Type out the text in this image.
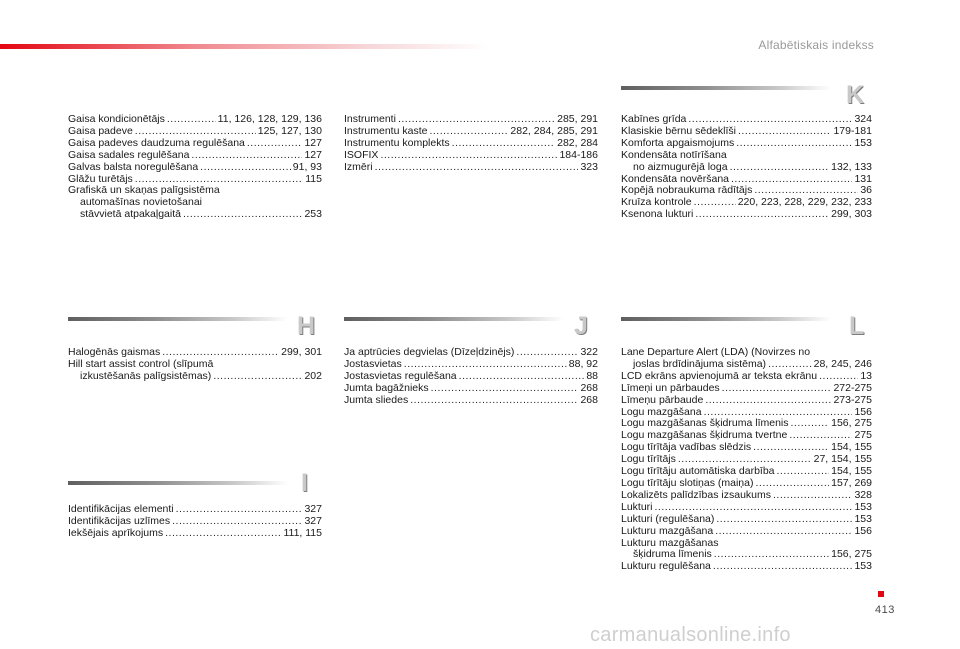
Alfabētiskais indekss
Gaisa kondicionētājs .....	11, 126, 128, 129, 136
Gaisa padeve .....	125, 127, 130
Gaisa padeves daudzuma regulēšana .....	127
Gaisa sadales regulēšana .....	127
Galvas balsta noregulēšana .....	91, 93
Glāžu turētājs .....	115
Grafiskā un skaņas palīgsistēma
automašīnas novietošanai
stāvvietā atpakaļgaitā .....	253
Instrumenti .....	285, 291
Instrumentu kaste .....	282, 284, 285, 291
Instrumentu komplekts .....	282, 284
ISOFIX .....	184-186
Izmēri .....	323
K
Kabīnes grīda .....	324
Klasiskie bērnu sēdeklīši .....	179-181
Komforta apgaismojums .....	153
Kondensāta notīrīšana
no aizmugurējā loga .....	132, 133
Kondensāta novēršana .....	131
Kopējā nobraukuma rādītājs .....	36
Kruīza kontrole .....	220, 223, 228, 229, 232, 233
Ksenona lukturi .....	299, 303
H
Halogēnās gaismas .....	299, 301
Hill start assist control (slīpumā
izkustēšanās palīgsistēmas) .....	202
J
Ja aptrūcies degvielas (Dīzeļdzinējs) .....	322
Jostasvietas .....	88, 92
Jostasvietas regulēšana .....	88
Jumta bagāžnieks .....	268
Jumta sliedes .....	268
L
Lane Departure Alert (LDA) (Novirzes no
joslas brdīdinājuma sistēma) .....	28, 245, 246
LCD ekrāns apvienojumā ar teksta ekrānu .....	13
Līmeņi un pārbaudes .....	272-275
Līmeņu pārbaude .....	273-275
Logu mazgāšana .....	156
Logu mazgāšanas šķidruma līmenis .....	156, 275
Logu mazgāšanas šķidruma tvertne .....	275
Logu tīrītāja vadības slēdzis .....	154, 155
Logu tīrītājs .....	27, 154, 155
Logu tīrītāju automātiska darbība .....	154, 155
Logu tīrītāju slotiņas (maiņa) .....	157, 269
Lokalizēts palīdzības izsaukums .....	328
Lukturi .....	153
Lukturi (regulēšana) .....	153
Lukturu mazgāšana .....	156
Lukturu mazgāšanas
šķidruma līmenis .....	156, 275
Lukturu regulēšana .....	153
I
Identifikācijas elementi .....	327
Identifikācijas uzlīmes .....	327
Iekšējais aprīkojums .....	111, 115
413
carmanualsonline.info
